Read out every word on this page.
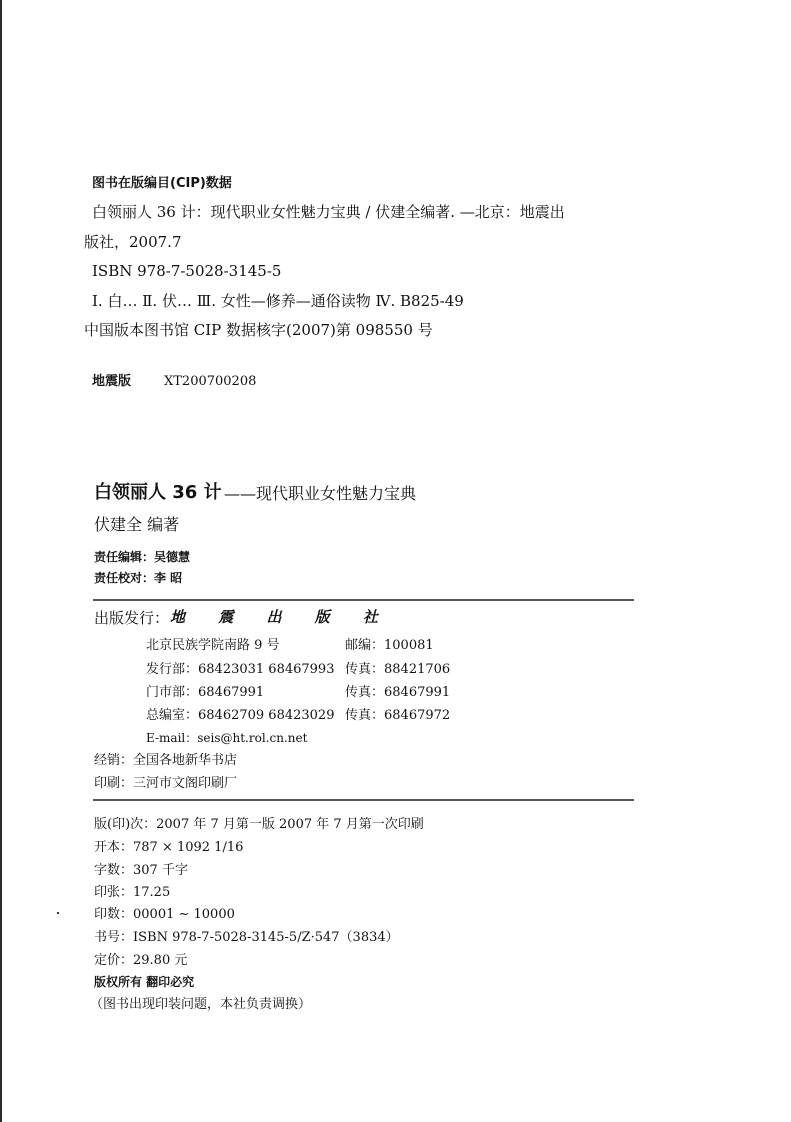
图书在版编目(CIP)数据
白领丽人 36 计：现代职业女性魅力宝典 / 伏建全编著. —北京：地震出
版社，2007.7
ISBN 978-7-5028-3145-5
Ⅰ. 白… Ⅱ. 伏… Ⅲ. 女性—修养—通俗读物 Ⅳ. B825-49
中国版本图书馆 CIP 数据核字(2007)第 098550 号
地震版	XT200700208
白领丽人 36 计 ——现代职业女性魅力宝典
伏建全 编著
责任编辑：吴德慧
责任校对：李 昭
出版发行： 地 震 出 版 社
北京民族学院南路 9 号	邮编：100081
发行部：68423031 68467993 传真：88421706
门市部：68467991	传真：68467991
总编室：68462709 68423029 传真：68467972
E-mail：seis@ht.rol.cn.net
经销：全国各地新华书店
印刷：三河市文阁印刷厂
版(印)次：2007 年 7 月第一版 2007 年 7 月第一次印刷
开本：787 × 1092 1/16
字数：307 千字
印张：17.25
印数：00001 ~ 10000
书号：ISBN 978-7-5028-3145-5/Z·547（3834）
定价：29.80 元
版权所有 翻印必究
（图书出现印装问题，本社负责调换）
